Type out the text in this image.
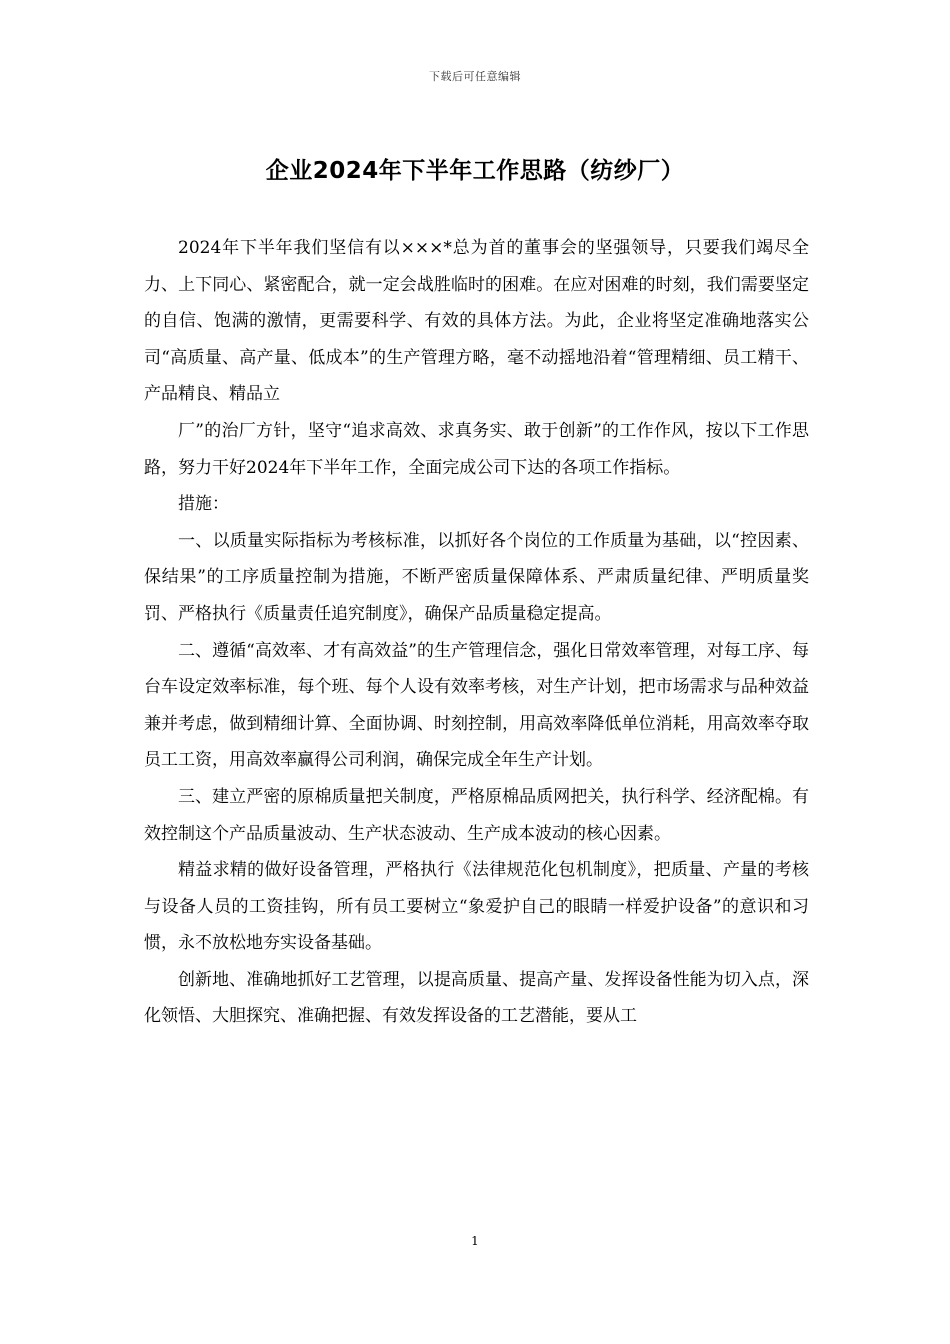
下载后可任意编辑
企业2024年下半年工作思路（纺纱厂）

2024年下半年我们坚信有以×××*总为首的董事会的坚强领导，只要我们竭尽全力、上下同心、紧密配合，就一定会战胜临时的困难。在应对困难的时刻，我们需要坚定的自信、饱满的激情，更需要科学、有效的具体方法。为此，企业将坚定准确地落实公司“高质量、高产量、低成本”的生产管理方略，毫不动摇地沿着“管理精细、员工精干、产品精良、精品立

厂”的治厂方针，坚守“追求高效、求真务实、敢于创新”的工作作风，按以下工作思路，努力干好2024年下半年工作，全面完成公司下达的各项工作指标。

措施：

一、以质量实际指标为考核标准，以抓好各个岗位的工作质量为基础，以“控因素、保结果”的工序质量控制为措施，不断严密质量保障体系、严肃质量纪律、严明质量奖罚、严格执行《质量责任追究制度》，确保产品质量稳定提高。

二、遵循“高效率、才有高效益”的生产管理信念，强化日常效率管理，对每工序、每台车设定效率标准，每个班、每个人设有效率考核，对生产计划，把市场需求与品种效益兼并考虑，做到精细计算、全面协调、时刻控制，用高效率降低单位消耗，用高效率夺取员工工资，用高效率赢得公司利润，确保完成全年生产计划。

三、建立严密的原棉质量把关制度，严格原棉品质网把关，执行科学、经济配棉。有效控制这个产品质量波动、生产状态波动、生产成本波动的核心因素。

精益求精的做好设备管理，严格执行《法律规范化包机制度》，把质量、产量的考核与设备人员的工资挂钩，所有员工要树立“象爱护自己的眼睛一样爱护设备”的意识和习惯，永不放松地夯实设备基础。

创新地、准确地抓好工艺管理，以提高质量、提高产量、发挥设备性能为切入点，深化领悟、大胆探究、准确把握、有效发挥设备的工艺潜能，要从工

1
